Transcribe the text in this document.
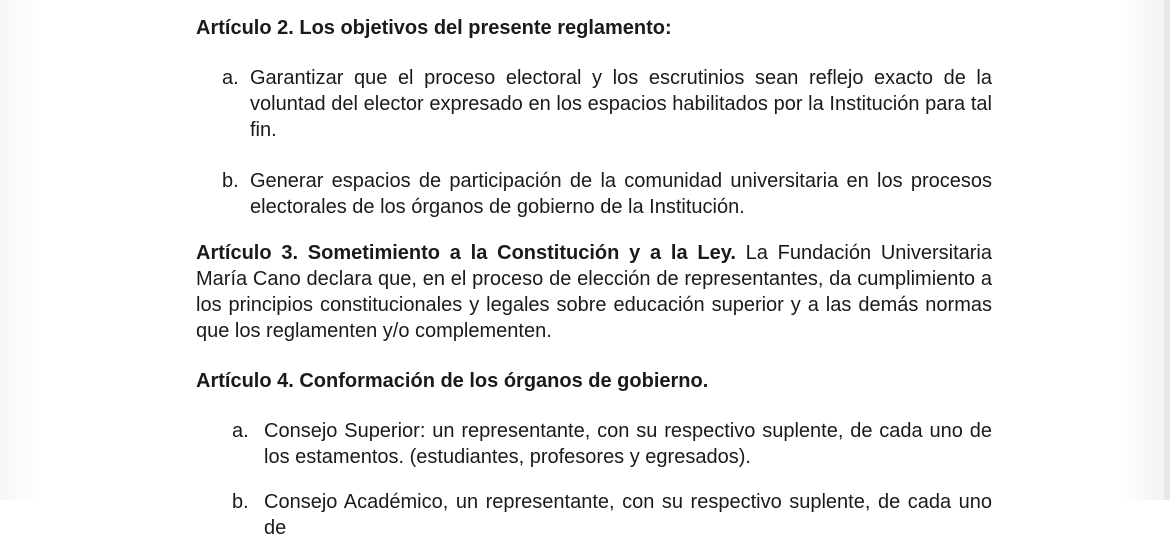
Artículo 2. Los objetivos del presente reglamento:
a. Garantizar que el proceso electoral y los escrutinios sean reflejo exacto de la voluntad del elector expresado en los espacios habilitados por la Institución para tal fin.
b. Generar espacios de participación de la comunidad universitaria en los procesos electorales de los órganos de gobierno de la Institución.
Artículo 3. Sometimiento a la Constitución y a la Ley. La Fundación Universitaria María Cano declara que, en el proceso de elección de representantes, da cumplimiento a los principios constitucionales y legales sobre educación superior y a las demás normas que los reglamenten y/o complementen.
Artículo 4. Conformación de los órganos de gobierno.
a. Consejo Superior: un representante, con su respectivo suplente, de cada uno de los estamentos. (estudiantes, profesores y egresados).
b. Consejo Académico, un representante, con su respectivo suplente, de cada uno de
